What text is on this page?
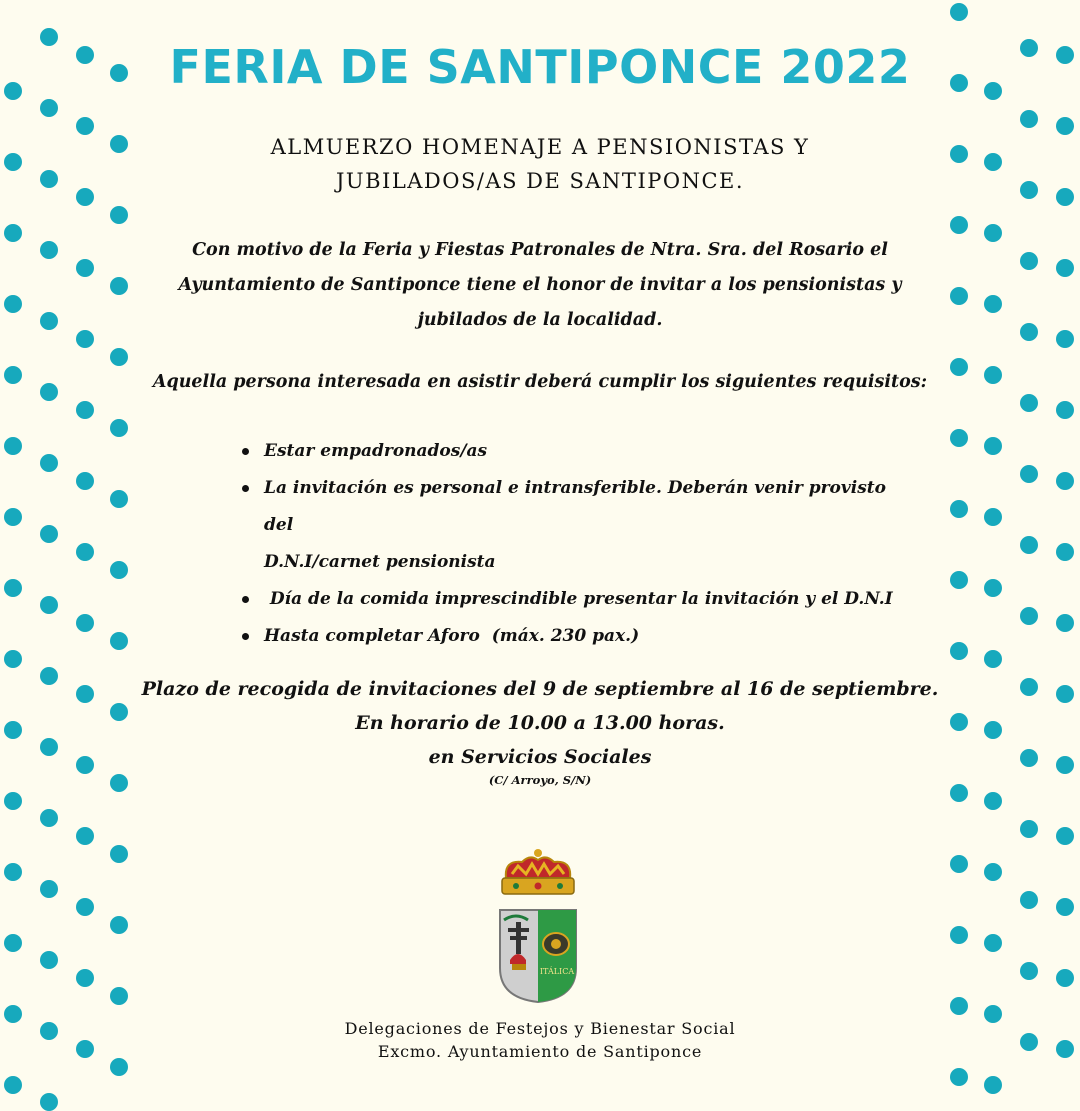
FERIA DE SANTIPONCE 2022
ALMUERZO HOMENAJE A PENSIONISTAS Y
JUBILADOS/AS DE SANTIPONCE.

Con motivo de la Feria y Fiestas Patronales de Ntra. Sra. del Rosario el
Ayuntamiento de Santiponce tiene el honor de invitar a los pensionistas y
jubilados de la localidad.

Aquella persona interesada en asistir deberá cumplir los siguientes requisitos:

Estar empadronados/as
La invitación es personal e intransferible. Deberán venir provisto del
D.N.I/carnet pensionista
Día de la comida imprescindible presentar la invitación y el D.N.I
Hasta completar Aforo  (máx. 230 pax.)

Plazo de recogida de invitaciones del 9 de septiembre al 16 de septiembre.
En horario de 10.00 a 13.00 horas.
en Servicios Sociales

(C/ Arroyo, S/N)

ITÁLICA

Delegaciones de Festejos y Bienestar Social
Excmo. Ayuntamiento de Santiponce
